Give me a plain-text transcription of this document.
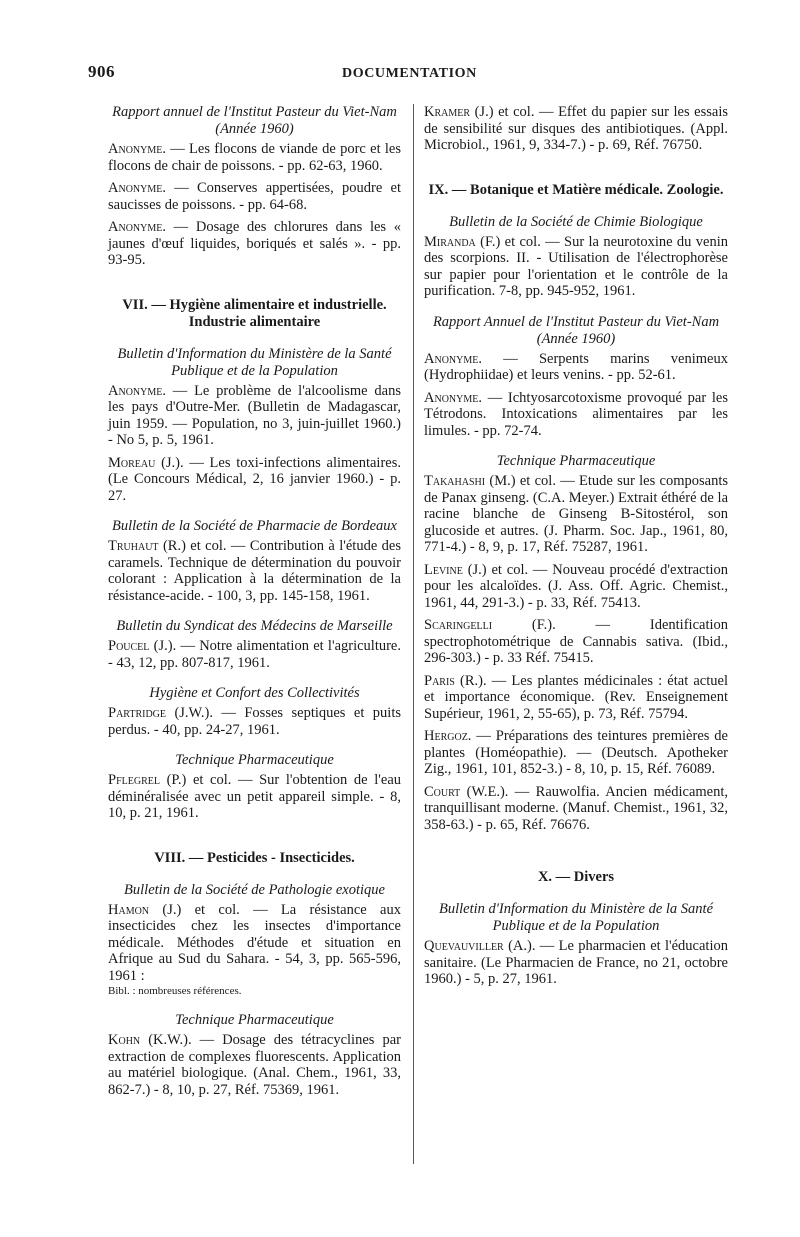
906	DOCUMENTATION

Rapport annuel de l'Institut Pasteur du Viet-Nam (Année 1960)

Anonyme. — Les flocons de viande de porc et les flocons de chair de poissons. - pp. 62-63, 1960.

Anonyme. — Conserves appertisées, poudre et saucisses de poissons. - pp. 64-68.

Anonyme. — Dosage des chlorures dans les « jaunes d'œuf liquides, boriqués et salés ». - pp. 93-95.

VII. — Hygiène alimentaire et industrielle. Industrie alimentaire

Bulletin d'Information du Ministère de la Santé Publique et de la Population

Anonyme. — Le problème de l'alcoolisme dans les pays d'Outre-Mer. (Bulletin de Madagascar, juin 1959. — Population, no 3, juin-juillet 1960.) - No 5, p. 5, 1961.

Moreau (J.). — Les toxi-infections alimentaires. (Le Concours Médical, 2, 16 janvier 1960.) - p. 27.

Bulletin de la Société de Pharmacie de Bordeaux

Truhaut (R.) et col. — Contribution à l'étude des caramels. Technique de détermination du pouvoir colorant : Application à la détermination de la résistance-acide. - 100, 3, pp. 145-158, 1961.

Bulletin du Syndicat des Médecins de Marseille

Poucel (J.). — Notre alimentation et l'agriculture. - 43, 12, pp. 807-817, 1961.

Hygiène et Confort des Collectivités

Partridge (J.W.). — Fosses septiques et puits perdus. - 40, pp. 24-27, 1961.

Technique Pharmaceutique

Pflegrel (P.) et col. — Sur l'obtention de l'eau déminéralisée avec un petit appareil simple. - 8, 10, p. 21, 1961.

VIII. — Pesticides - Insecticides.

Bulletin de la Société de Pathologie exotique

Hamon (J.) et col. — La résistance aux insecticides chez les insectes d'importance médicale. Méthodes d'étude et situation en Afrique au Sud du Sahara. - 54, 3, pp. 565-596, 1961 :

Bibl. : nombreuses références.

Technique Pharmaceutique

Kohn (K.W.). — Dosage des tétracyclines par extraction de complexes fluorescents. Application au matériel biologique. (Anal. Chem., 1961, 33, 862-7.) - 8, 10, p. 27, Réf. 75369, 1961.

Kramer (J.) et col. — Effet du papier sur les essais de sensibilité sur disques des antibiotiques. (Appl. Microbiol., 1961, 9, 334-7.) - p. 69, Réf. 76750.

IX. — Botanique et Matière médicale. Zoologie.

Bulletin de la Société de Chimie Biologique

Miranda (F.) et col. — Sur la neurotoxine du venin des scorpions. II. - Utilisation de l'électrophorèse sur papier pour l'orientation et le contrôle de la purification. 7-8, pp. 945-952, 1961.

Rapport Annuel de l'Institut Pasteur du Viet-Nam (Année 1960)

Anonyme. — Serpents marins venimeux (Hydrophiidae) et leurs venins. - pp. 52-61.

Anonyme. — Ichtyosarcotoxisme provoqué par les Tétrodons. Intoxications alimentaires par les limules. - pp. 72-74.

Technique Pharmaceutique

Takahashi (M.) et col. — Etude sur les composants de Panax ginseng. (C.A. Meyer.) Extrait éthéré de la racine blanche de Ginseng B-Sitostérol, son glucoside et autres. (J. Pharm. Soc. Jap., 1961, 80, 771-4.) - 8, 9, p. 17, Réf. 75287, 1961.

Levine (J.) et col. — Nouveau procédé d'extraction pour les alcaloïdes. (J. Ass. Off. Agric. Chemist., 1961, 44, 291-3.) - p. 33, Réf. 75413.

Scaringelli (F.). — Identification spectrophotométrique de Cannabis sativa. (Ibid., 296-303.) - p. 33 Réf. 75415.

Paris (R.). — Les plantes médicinales : état actuel et importance économique. (Rev. Enseignement Supérieur, 1961, 2, 55-65), p. 73, Réf. 75794.

Hergoz. — Préparations des teintures premières de plantes (Homéopathie). — (Deutsch. Apotheker Zig., 1961, 101, 852-3.) - 8, 10, p. 15, Réf. 76089.

Court (W.E.). — Rauwolfia. Ancien médicament, tranquillisant moderne. (Manuf. Chemist., 1961, 32, 358-63.) - p. 65, Réf. 76676.

X. — Divers

Bulletin d'Information du Ministère de la Santé Publique et de la Population

Quevauviller (A.). — Le pharmacien et l'éducation sanitaire. (Le Pharmacien de France, no 21, octobre 1960.) - 5, p. 27, 1961.
